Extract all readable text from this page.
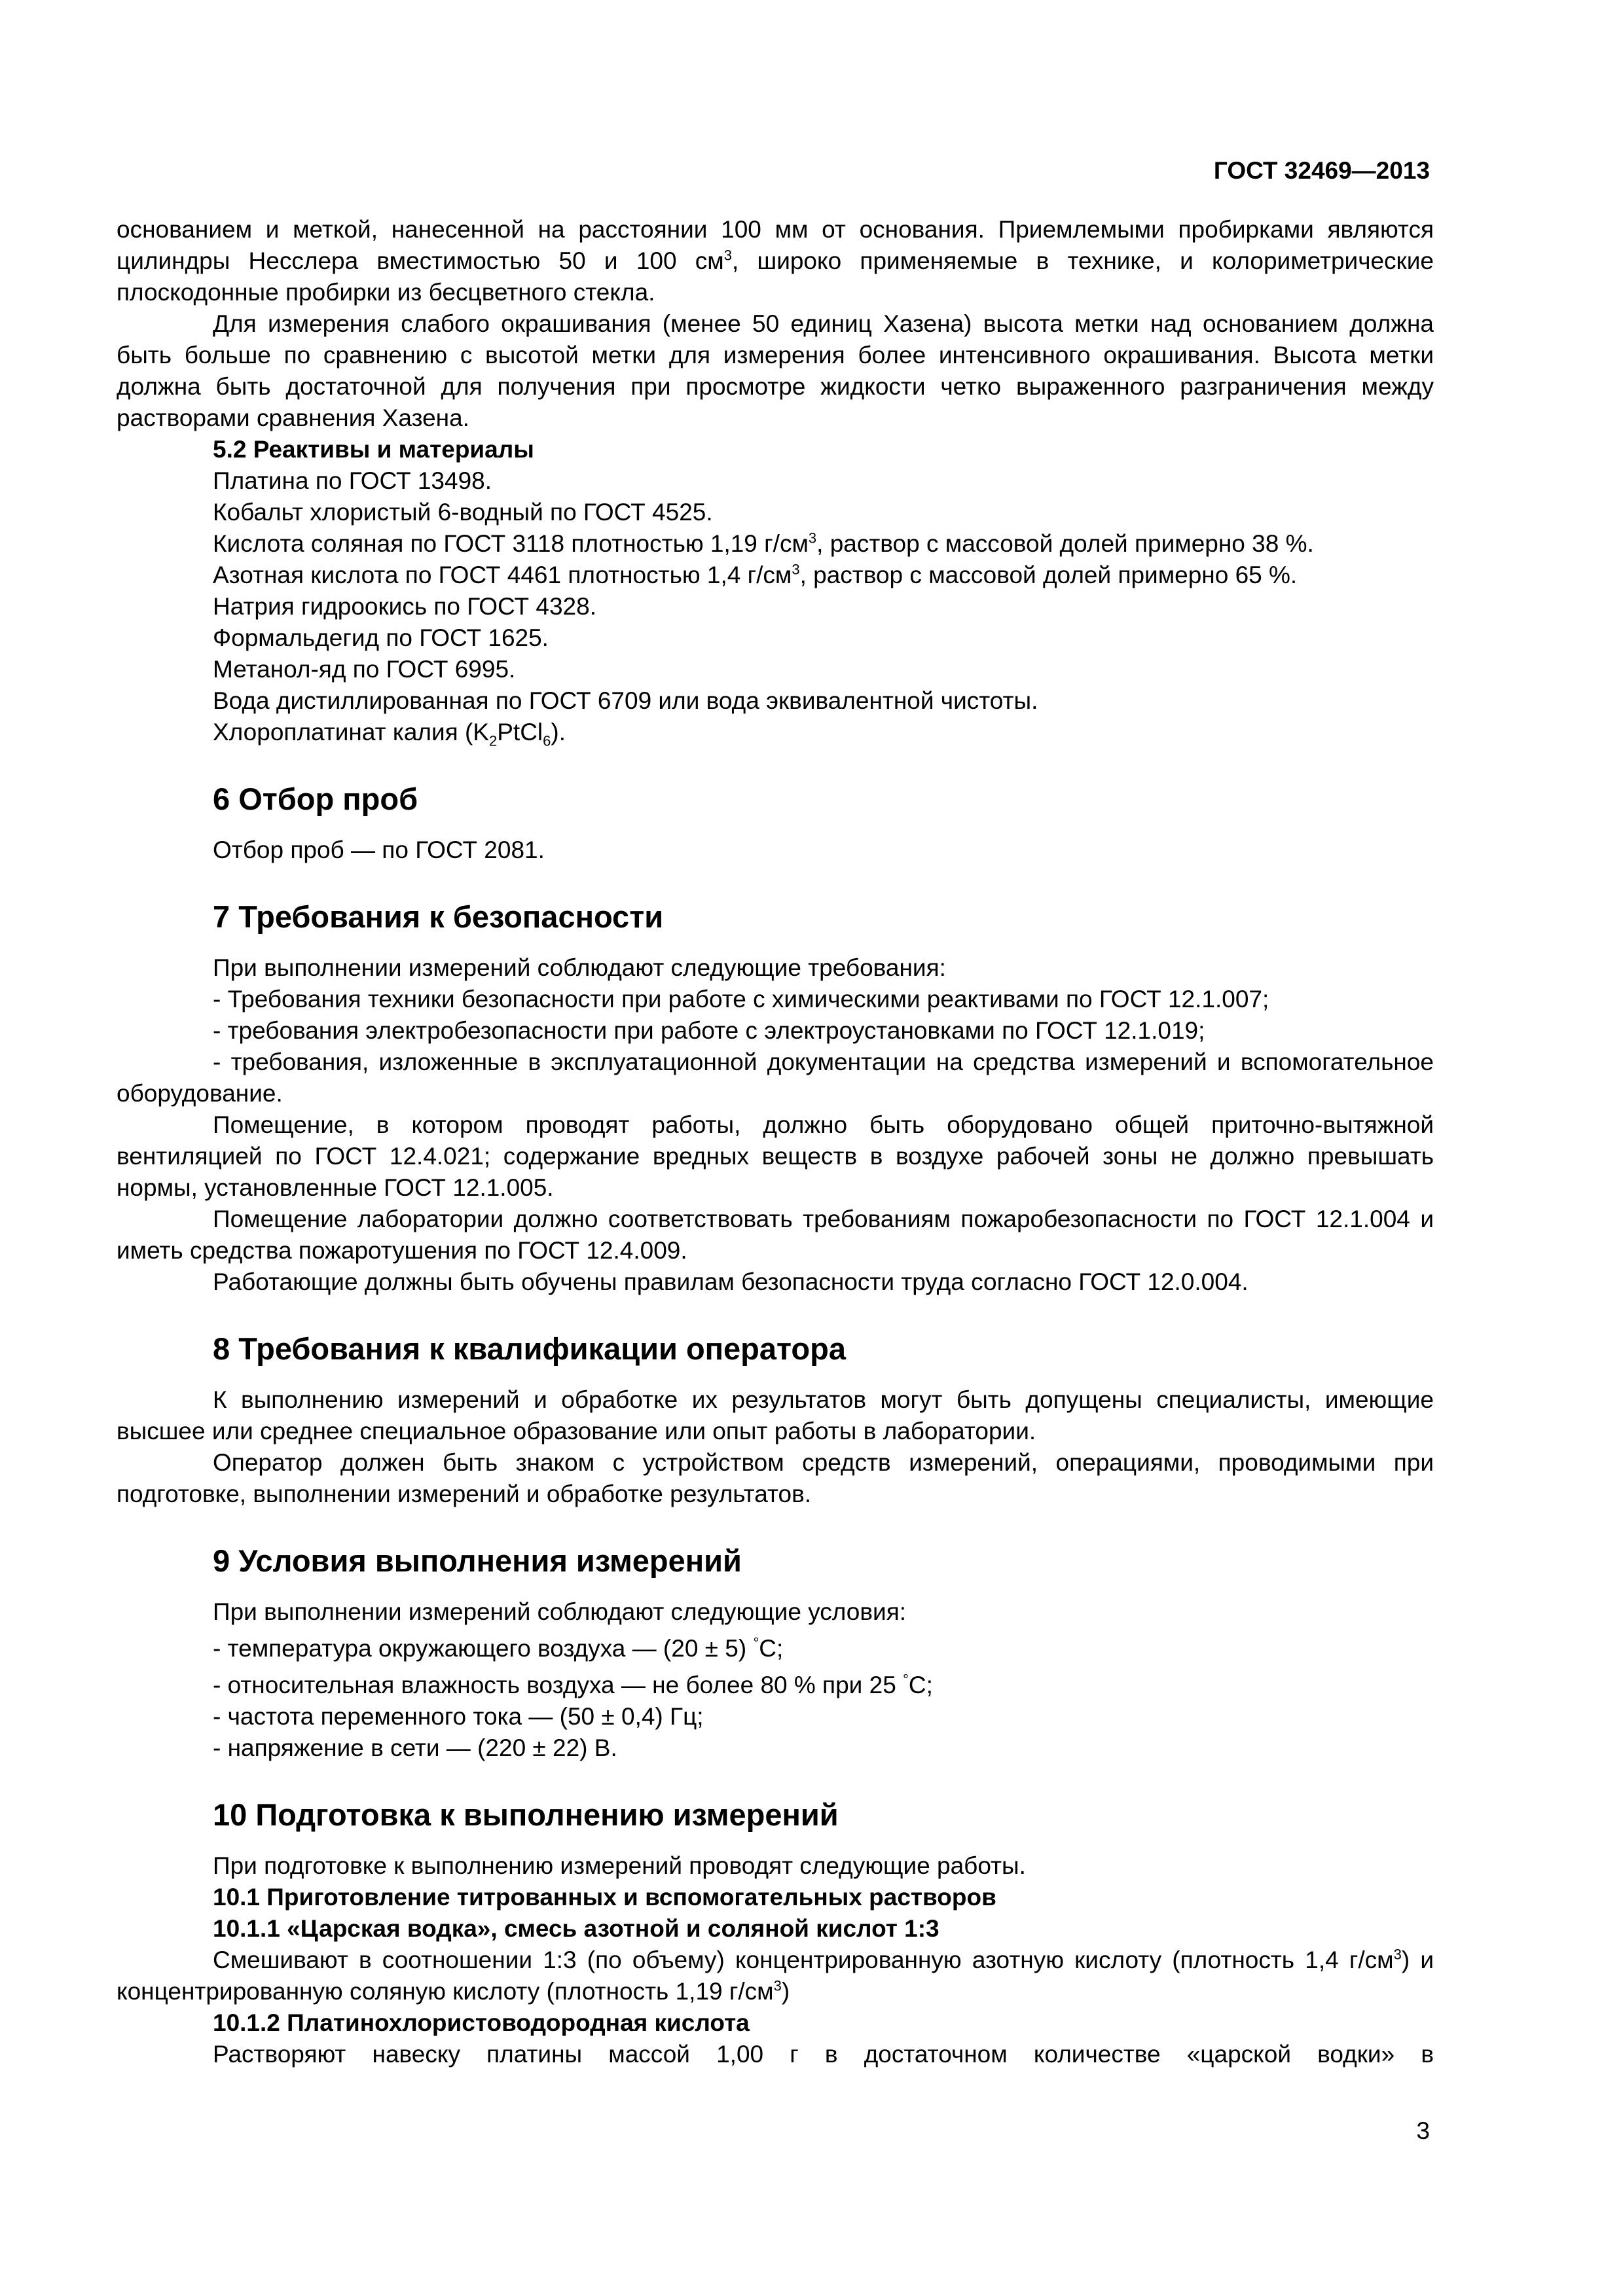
ГОСТ 32469—2013

основанием и меткой, нанесенной на расстоянии 100 мм от основания. Приемлемыми пробирками являются цилиндры Несслера вместимостью 50 и 100 $см^3$, широко применяемые в технике, и колориметрические плоскодонные пробирки из бесцветного стекла.

Для измерения слабого окрашивания (менее 50 единиц Хазена) высота метки над основанием должна быть больше по сравнению с высотой метки для измерения более интенсивного окрашивания. Высота метки должна быть достаточной для получения при просмотре жидкости четко выраженного разграничения между растворами сравнения Хазена.

5.2 Реактивы и материалы

Платина по ГОСТ 13498.

Кобальт хлористый 6-водный по ГОСТ 4525.

Кислота соляная по ГОСТ 3118 плотностью 1,19 $г/см^3$, раствор с массовой долей примерно 38 %.

Азотная кислота по ГОСТ 4461 плотностью 1,4 $г/см^3$, раствор с массовой долей примерно 65 %.

Натрия гидроокись по ГОСТ 4328.

Формальдегид по ГОСТ 1625.

Метанол-яд по ГОСТ 6995.

Вода дистиллированная по ГОСТ 6709 или вода эквивалентной чистоты.

Хлороплатинат калия $(K_2PtCl_6)$.

6 Отбор проб

Отбор проб — по ГОСТ 2081.

7 Требования к безопасности

При выполнении измерений соблюдают следующие требования:

- Требования техники безопасности при работе с химическими реактивами по ГОСТ 12.1.007;

- требования электробезопасности при работе с электроустановками по ГОСТ 12.1.019;

- требования, изложенные в эксплуатационной документации на средства измерений и вспомогательное оборудование.

Помещение, в котором проводят работы, должно быть оборудовано общей приточно-вытяжной вентиляцией по ГОСТ 12.4.021; содержание вредных веществ в воздухе рабочей зоны не должно превышать нормы, установленные ГОСТ 12.1.005.

Помещение лаборатории должно соответствовать требованиям пожаробезопасности по ГОСТ 12.1.004 и иметь средства пожаротушения по ГОСТ 12.4.009.

Работающие должны быть обучены правилам безопасности труда согласно ГОСТ 12.0.004.

8 Требования к квалификации оператора

К выполнению измерений и обработке их результатов могут быть допущены специалисты, имеющие высшее или среднее специальное образование или опыт работы в лаборатории.

Оператор должен быть знаком с устройством средств измерений, операциями, проводимыми при подготовке, выполнении измерений и обработке результатов.

9 Условия выполнения измерений

При выполнении измерений соблюдают следующие условия:

- температура окружающего воздуха — (20 ± 5) °С;

- относительная влажность воздуха — не более 80 % при 25 °С;

- частота переменного тока — (50 ± 0,4) Гц;

- напряжение в сети — (220 ± 22) В.

10 Подготовка к выполнению измерений

При подготовке к выполнению измерений проводят следующие работы.

10.1 Приготовление титрованных и вспомогательных растворов

10.1.1 «Царская водка», смесь азотной и соляной кислот 1:3

Смешивают в соотношении 1:3 (по объему) концентрированную азотную кислоту (плотность 1,4 $г/см^3$) и концентрированную соляную кислоту (плотность 1,19 $г/см^3$)

10.1.2 Платинохлористоводородная кислота

Растворяют навеску платины массой 1,00 г в достаточном количестве «царской водки» в

3
